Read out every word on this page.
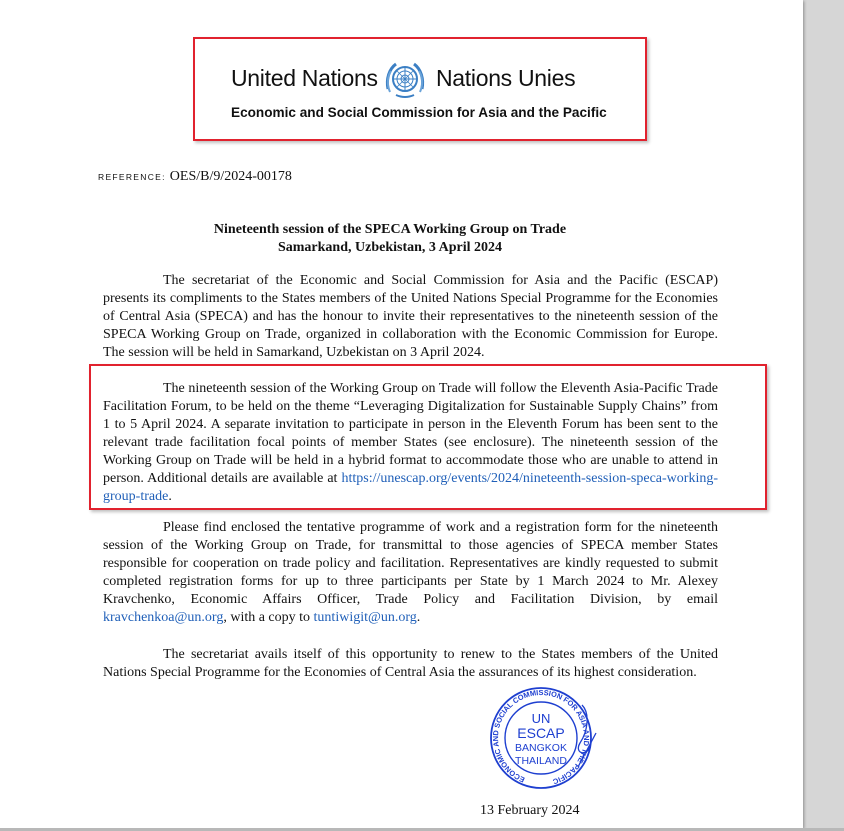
United Nations	Nations Unies
Economic and Social Commission for Asia and the Pacific
REFERENCE: OES/B/9/2024-00178
Nineteenth session of the SPECA Working Group on Trade
Samarkand, Uzbekistan, 3 April 2024

The secretariat of the Economic and Social Commission for Asia and the Pacific (ESCAP) presents its compliments to the States members of the United Nations Special Programme for the Economies of Central Asia (SPECA) and has the honour to invite their representatives to the nineteenth session of the SPECA Working Group on Trade, organized in collaboration with the Economic Commission for Europe. The session will be held in Samarkand, Uzbekistan on 3 April 2024.

The nineteenth session of the Working Group on Trade will follow the Eleventh Asia-Pacific Trade Facilitation Forum, to be held on the theme “Leveraging Digitalization for Sustainable Supply Chains” from 1 to 5 April 2024. A separate invitation to participate in person in the Eleventh Forum has been sent to the relevant trade facilitation focal points of member States (see enclosure). The nineteenth session of the Working Group on Trade will be held in a hybrid format to accommodate those who are unable to attend in person. Additional details are available at https://unescap.org/events/2024/nineteenth-session-speca-working-group-trade.

Please find enclosed the tentative programme of work and a registration form for the nineteenth session of the Working Group on Trade, for transmittal to those agencies of SPECA member States responsible for cooperation on trade policy and facilitation. Representatives are kindly requested to submit completed registration forms for up to three participants per State by 1 March 2024 to Mr. Alexey Kravchenko, Economic Affairs Officer, Trade Policy and Facilitation Division, by email kravchenkoa@un.org, with a copy to tuntiwigit@un.org.

The secretariat avails itself of this opportunity to renew to the States members of the United Nations Special Programme for the Economies of Central Asia the assurances of its highest consideration.

ECONOMIC AND SOCIAL COMMISSION FOR ASIA AND THE PACIFIC
UN
ESCAP
BANGKOK
THAILAND
13 February 2024
